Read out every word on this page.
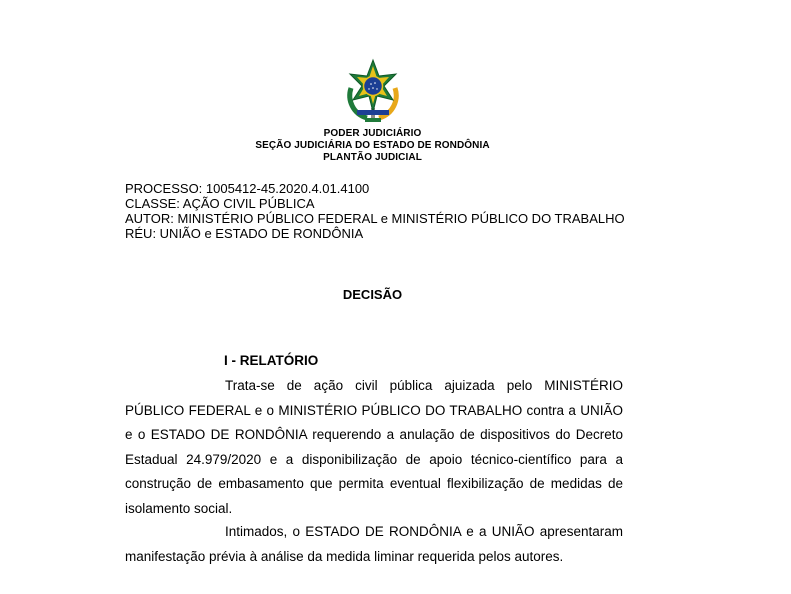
PODER JUDICIÁRIO
SEÇÃO JUDICIÁRIA DO ESTADO DE RONDÔNIA
PLANTÃO JUDICIAL
PROCESSO: 1005412-45.2020.4.01.4100
CLASSE: AÇÃO CIVIL PÚBLICA
AUTOR: MINISTÉRIO PÚBLICO FEDERAL e MINISTÉRIO PÚBLICO DO TRABALHO
RÉU: UNIÃO e ESTADO DE RONDÔNIA
DECISÃO
I - RELATÓRIO

Trata-se de ação civil pública ajuizada pelo MINISTÉRIO PÚBLICO FEDERAL e o MINISTÉRIO PÚBLICO DO TRABALHO contra a UNIÃO e o ESTADO DE RONDÔNIA requerendo a anulação de dispositivos do Decreto Estadual 24.979/2020 e a disponibilização de apoio técnico-científico para a construção de embasamento que permita eventual flexibilização de medidas de isolamento social.

Intimados, o ESTADO DE RONDÔNIA e a UNIÃO apresentaram manifestação prévia à análise da medida liminar requerida pelos autores.
